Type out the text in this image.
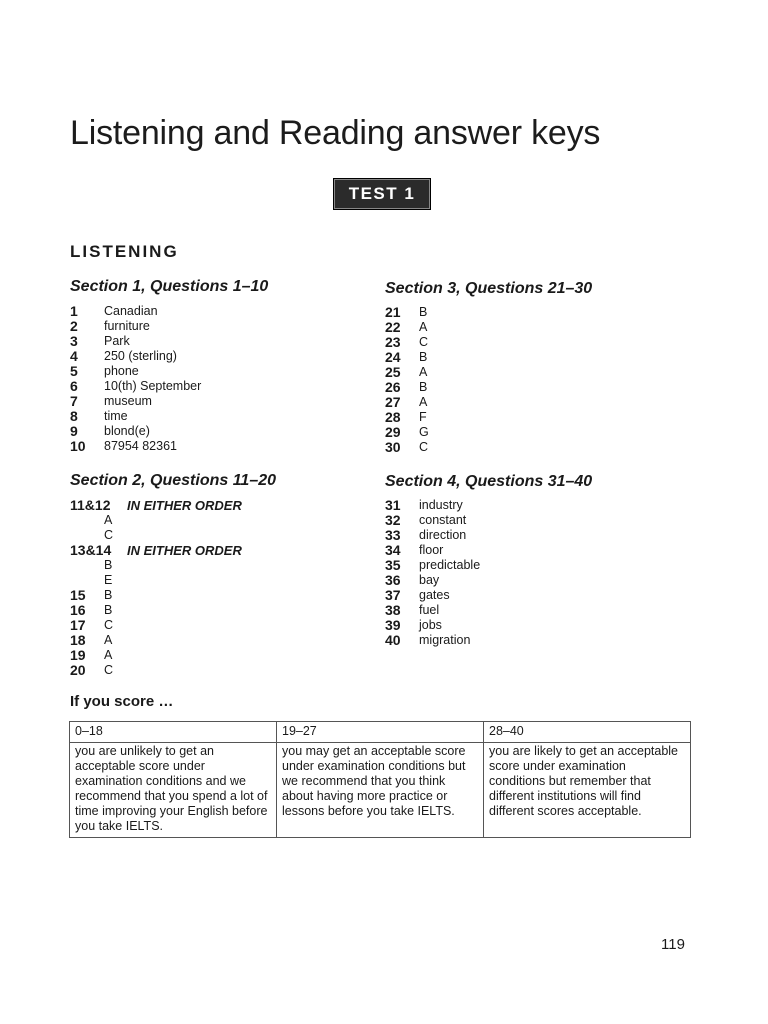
Listening and Reading answer keys
TEST 1
LISTENING
Section 1, Questions 1–10
1	Canadian
2	furniture
3	Park
4	250 (sterling)
5	phone
6	10(th) September
7	museum
8	time
9	blond(e)
10	87954 82361
Section 3, Questions 21–30
21	B
22	A
23	C
24	B
25	A
26	B
27	A
28	F
29	G
30	C
Section 2, Questions 11–20
11&12	IN EITHER ORDER
A
C
13&14	IN EITHER ORDER
B
E
15	B
16	B
17	C
18	A
19	A
20	C
Section 4, Questions 31–40
31	industry
32	constant
33	direction
34	floor
35	predictable
36	bay
37	gates
38	fuel
39	jobs
40	migration
If you score …
0–18	19–27	28–40
you are unlikely to get an acceptable score under examination conditions and we recommend that you spend a lot of time improving your English before you take IELTS.	you may get an acceptable score under examination conditions but we recommend that you think about having more practice or lessons before you take IELTS.	you are likely to get an acceptable score under examination conditions but remember that different institutions will find different scores acceptable.
119
